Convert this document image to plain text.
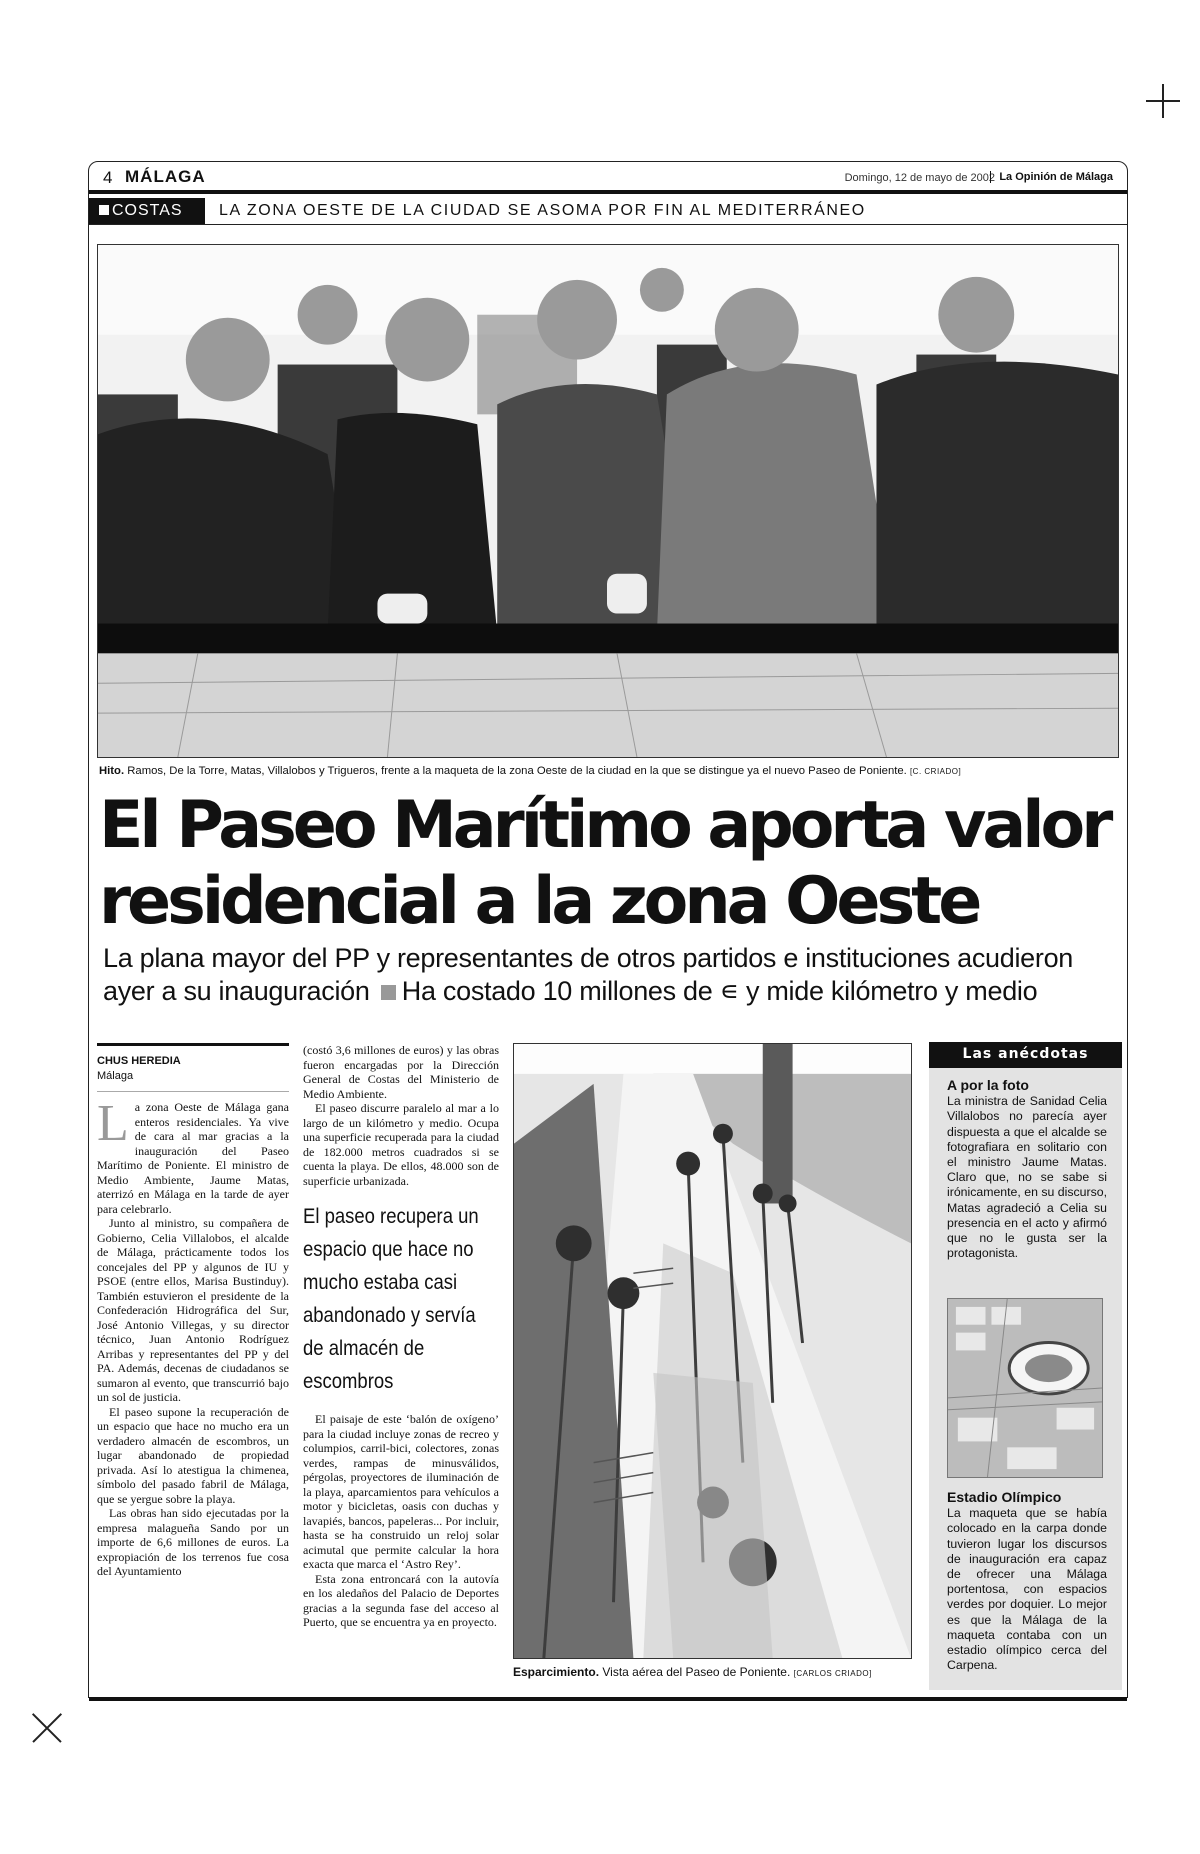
4 MÁLAGA	Domingo, 12 de mayo de 2002 La Opinión de Málaga
COSTAS	LA ZONA OESTE DE LA CIUDAD SE ASOMA POR FIN AL MEDITERRÁNEO
Hito. Ramos, De la Torre, Matas, Villalobos y Trigueros, frente a la maqueta de la zona Oeste de la ciudad en la que se distingue ya el nuevo Paseo de Poniente. [C. CRIADO]
El Paseo Marítimo aporta valor residencial a la zona Oeste
La plana mayor del PP y representantes de otros partidos e instituciones acudieron ayer a su inauguración Ha costado 10 millones de ∊ y mide kilómetro y medio
CHUS HEREDIA
Málaga

La zona Oeste de Málaga gana enteros residenciales. Ya vive de cara al mar gracias a la inauguración del Paseo Marítimo de Poniente. El ministro de Medio Ambiente, Jaume Matas, aterrizó en Málaga en la tarde de ayer para celebrarlo.

Junto al ministro, su compañera de Gobierno, Celia Villalobos, el alcalde de Málaga, prácticamente todos los concejales del PP y algunos de IU y PSOE (entre ellos, Marisa Bustinduy). También estuvieron el presidente de la Confederación Hidrográfica del Sur, José Antonio Villegas, y su director técnico, Juan Antonio Rodríguez Arribas y representantes del PP y del PA. Además, decenas de ciudadanos se sumaron al evento, que transcurrió bajo un sol de justicia.

El paseo supone la recuperación de un espacio que hace no mucho era un verdadero almacén de escombros, un lugar abandonado de propiedad privada. Así lo atestigua la chimenea, símbolo del pasado fabril de Málaga, que se yergue sobre la playa.

Las obras han sido ejecutadas por la empresa malagueña Sando por un importe de 6,6 millones de euros. La expropiación de los terrenos fue cosa del Ayuntamiento

(costó 3,6 millones de euros) y las obras fueron encargadas por la Dirección General de Costas del Ministerio de Medio Ambiente.

El paseo discurre paralelo al mar a lo largo de un kilómetro y medio. Ocupa una superficie recuperada para la ciudad de 182.000 metros cuadrados si se cuenta la playa. De ellos, 48.000 son de superficie urbanizada.

El paseo recupera un espacio que hace no mucho estaba casi abandonado y servía de almacén de escombros

El paisaje de este ‘balón de oxígeno’ para la ciudad incluye zonas de recreo y columpios, carril-bici, colectores, zonas verdes, rampas de minusválidos, pérgolas, proyectores de iluminación de la playa, aparcamientos para vehículos a motor y bicicletas, oasis con duchas y lavapiés, bancos, papeleras... Por incluir, hasta se ha construido un reloj solar acimutal que permite calcular la hora exacta que marca el ‘Astro Rey’.

Esta zona entroncará con la autovía en los aledaños del Palacio de Deportes gracias a la segunda fase del acceso al Puerto, que se encuentra ya en proyecto.

Esparcimiento. Vista aérea del Paseo de Poniente. [CARLOS CRIADO]
Las anécdotas
A por la foto
La ministra de Sanidad Celia Villalobos no parecía ayer dispuesta a que el alcalde se fotografiara en solitario con el ministro Jaume Matas. Claro que, no se sabe si irónicamente, en su discurso, Matas agradeció a Celia su presencia en el acto y afirmó que no le gusta ser la protagonista.
Estadio Olímpico
La maqueta que se había colocado en la carpa donde tuvieron lugar los discursos de inauguración era capaz de ofrecer una Málaga portentosa, con espacios verdes por doquier. Lo mejor es que la Málaga de la maqueta contaba con un estadio olímpico cerca del Carpena.
